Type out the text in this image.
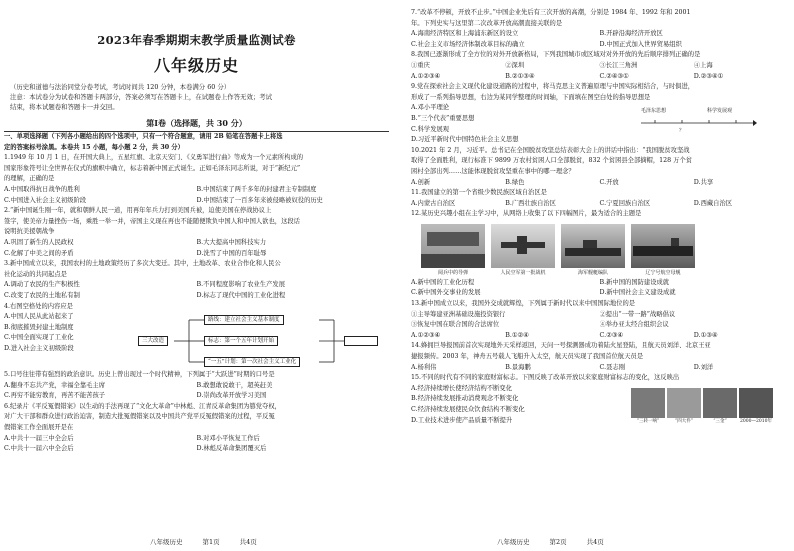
2023年春季期期末教学质量监测试卷
八年级历史
（历史和道德与法治同堂分卷考试，考试时间共 120 分钟，本卷满分 60 分）
注意：本试卷分为试卷和答题卡两部分，答案必须写在答题卡上，在试题卷上作答无效；考试
结束，将本试题卷和答题卡一并交回。
第Ⅰ卷（选择题，共 30 分）
一、单项选择题（下列各小题给出的四个选项中，只有一个符合题意，请用 2B 铅笔在答题卡上将选
定的答案标号涂黑。本卷共 15 小题，每小题 2 分，共 30 分）
1.1949 年 10 月 1 日，在开国大典上，五星红旗、北京天安门、《义勇军进行曲》等成为一个元素所构成的
国家形象符号让全世界在仪式的旗帜中确立，标志着新中国正式诞生。正如毛泽东同志所说，对于“新纪元”
的理解，正确的是
A.中国取得抗日战争的胜利	B.中国结束了两千多年的封建君主专制制度
C.中国进入社会主义初级阶段	D.中国结束了一百多年来被侵略被奴役的历史
2.“新中国诞生刚一年，就和朝鲜人民一道，用再年年兵力打到美国兵被，迫使美国在停战协议上
签字，使美帝力量挫伤一场，乘胜一举一并，帝国主义现在再也不能随便欺负中国人和中国人欲也，这段话
说明抗美援朝战争
A.巩固了新生的人民政权	B.大大提高中国科技实力
C.化解了中美之间的矛盾	D.洗雪了中国的百年耻辱
3.新中国成立以来，我国农村的土地政策经历了多次大变迁。其中，土地改革、农业合作化和人民公
社化运动的共同起点是
A.调动了农民的生产积极性	B.不同程度影响了农业生产发展
C.改变了农民的土地私有制	D.标志了现代中国的工业化进程
4.右图空格处的内容应是
A.中国人民从此站起来了
B.彻底摧毁封建土地制度
C.中国全面实现了工业化
D.进入社会主义初级阶段
路线：建立社会主义基本制度
三大改造	标志：第一个五年计划开始
“一五”计划：第一次社会主义工业化
5.口号往往带有强烈的政治意识。历史上曾出现过一个时代精神，下列属于“大跃进”时期的口号是
A.翻身不忘共产党，幸福全靠毛主席	B.敢想敢说敢干，超英赶美
C.再穷不能穷教育，再苦不能苦孩子	D.崇尚改革开放学习美国
6.纪录片《平反冤假错案》以生动的手法再现了“文化大革命”中林彪、江青反革命集团为篡党夺权，
对广大干部和群众进行政治迫害，制造大批冤假错案以及中国共产党平反冤假错案的过程，平反冤
假错案工作全面展开是在
A.中共十一届三中全会后	B.对邓小平恢复工作后
C.中共十一届六中全会后	D.林彪反革命集团覆灭后
八年级历史	第1页	共4页
7.“改革不停顿，开放不止步。”中国企业先后有三次开放的高潮，分别是 1984 年、1992 年和 2001
年。下列史实与这里第二次改革开放高潮直接关联的是
A.海南经济特区和上海浦东新区的设立	B.开辟沿海经济开放区
C.社会主义市场经济体制改革目标的确立	D.中国正式加入世界贸易组织
8.我国已逐渐形成了全方位的对外开放新格局，下列我国城市或区域对对外开放的先后顺序排列正确的是
①重庆	②深圳	③长江三角洲	④上海
A.①②③④	B.②①③④	C.②④③①	D.②③④①
9.党在探索社会主义现代化建设道路的过程中，将马克思主义普遍原理与中国实际相结合，与时俱进，
形成了一系列指导思想，右边为某同学整理的时间轴，下面填在图空白处的指导思想是
A.邓小平理论
B.“三个代表”重要思想
C.科学发展观
D.习近平新时代中国特色社会主义思想
毛泽东思想
？
科学发展观
10.2021 年 2 月，习近平。总书记在全国脱贫攻坚总结表彰大会上的讲话中指出：“我国脱贫攻坚战
取得了全面胜利，现行标准下 9899 万农村贫困人口全部脱贫，832 个贫困县全部摘帽，128 万个贫
困村全部出列……这能体现脱贫攻坚重在事中的哪一理念？
A.创新	B.绿色	C.开放	D.共享
11.我国建立的第一个省级少数民族区域自治区是
A.内蒙古自治区	B.广西壮族自治区	C.宁夏回族自治区	D.西藏自治区
12.某历史兴趣小组在主学习中，从网络上收集了以下四幅图片，最为适合的主题是
阅兵中的导弹	人民空军第一批战机	海军舰艇编队	辽宁号航空母舰
A.新中国的工业化历程	B.新中国的国防建设成就
C.新中国外交事业的发展	D.新中国社会主义建设成就
13.新中国成立以来，我国外交成就辉煌，下列属于新时代以来中国国际地位的是
①主导筹建亚洲基础设施投资银行	②提出“一带一路”战略倡议
③恢复中国在联合国的合法席位	④举办亚太经合组织会议
A.①②③④	B.①②④	C.②③④	D.①③④
14.蜂拥巨导报国前首次实现地外天采样返回，天问一号探测器成功着陆火星登陆，且航天员刘洋、北京王亚
捷报频传。2003 年，神舟五号载人飞船升入太空，航天员实现了我国首位航天员是
A.杨利伟	B.景海鹏	C.聂志刚	D.刘洋
15.不同的时代有不同的家庭财富标志。下图反映了改革开放以来家庭财富标志的变化，这反映出
A.经济持续增长使经济结构不断变化
B.经济持续发展推动消费观念不断变化
C.经济持续发展使民众饮食结构不断变化
D.工业技术进步使产品质量不断提升	“三转一响”	“四大件”	“三金”	2000—2010年
八年级历史	第2页	共4页
